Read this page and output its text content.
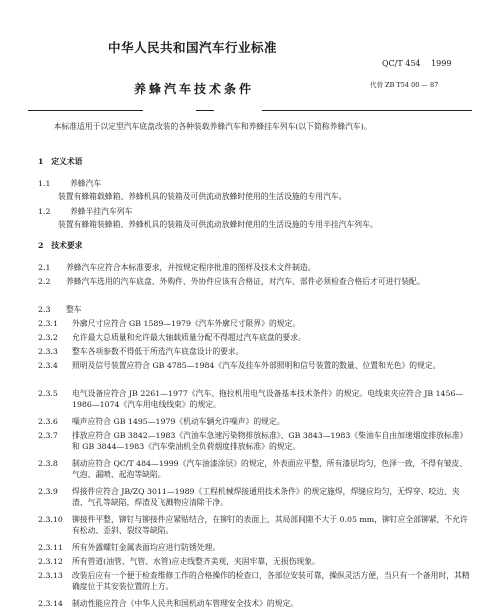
中华人民共和国汽车行业标准
QC/T 454 　1999
养蜂汽车技术条件	代替 ZB T54 00 — 87
本标准适用于以定型汽车底盘改装的各种装载养蜂汽车和养蜂挂车列车(以下简称养蜂汽车)。
1　定义术语
1.1	养蜂汽车
装置有蜂箱载蜂箱、养蜂机具的装箱及可供流动放蜂时使用的生活设施的专用汽车。
1.2	养蜂半挂汽车列车
装置有蜂箱装蜂箱、养蜂机具的装箱及可供流动放蜂时使用的生活设施的专用半挂汽车列车。
2　技术要求
2.1 养蜂汽车应符合本标准要求，并按规定程序批准的图样及技术文件制造。
2.2 养蜂汽车选用的汽车底盘、外购件、外协件应该有合格证，对汽车、部件必须检查合格后才可进行装配。
2.3 整车
2.3.1 外廓尺寸应符合 GB 1589—1979《汽车外廓尺寸限界》的规定。
2.3.2 允许最大总质量和允许最大轴载质量分配不得超过汽车底盘的要求。
2.3.3 整车各项参数不得低于所选汽车底盘设计的要求。
2.3.4 照明及信号装置应符合 GB 4785—1984《汽车及挂车外部照明和信号装置的数量、位置和光色》的规定。
2.3.5 电气设备应符合 JB 2261—1977《汽车、拖拉机用电气设备基本技术条件》的规定。电线束夹应符合 JB 1456—1986—1074《汽车用电线线束》的规定。
2.3.6 噪声应符合 GB 1495—1979《机动车辆允许噪声》的规定。
2.3.7 排放应符合 GB 3842—1983《汽油车急速污染物排放标准》、GB 3843—1983《柴油车自由加速烟度排放标准》和 GB 3844—1983《汽车柴油机全负荷烟度排放标准》的规定。
2.3.8 制动应符合 QC/T 484—1999《汽车油漆涂层》的规定，外表面应平整，所有漆层均匀，色泽一致，不得有皱皮、气泡、漏喷、起泡等缺陷。
2.3.9 焊接件应符合 JB/ZQ 3011—1989《工程机械焊接通用技术条件》的规定施焊，焊缝应均匀，无焊穿、咬边、夹渣、气孔等缺陷，焊渣及飞溅物应清除干净。
2.3.10 铆接件平整，铆钉与铆接件应紧贴结合，在铆钉的表面上，其局部间隙不大于 0.05 mm，铆钉应全部铆紧，不允许有松动、歪斜、裂纹等缺陷。
2.3.11 所有外露螺钉金属表面均应进行防锈处理。
2.3.12 所有管道(油管、气管、水管)应走线整齐美观，夹固牢靠，无损伤现象。
2.3.13 改装后应有一个便于检查维修工作的合格操作的检查口，各部位安装可靠，操纵灵活方便，当只有一个备用时，其精确度位于其安装位置的上方。
2.3.14 制动性能应符合《中华人民共和国机动车管理安全技术》的规定。
